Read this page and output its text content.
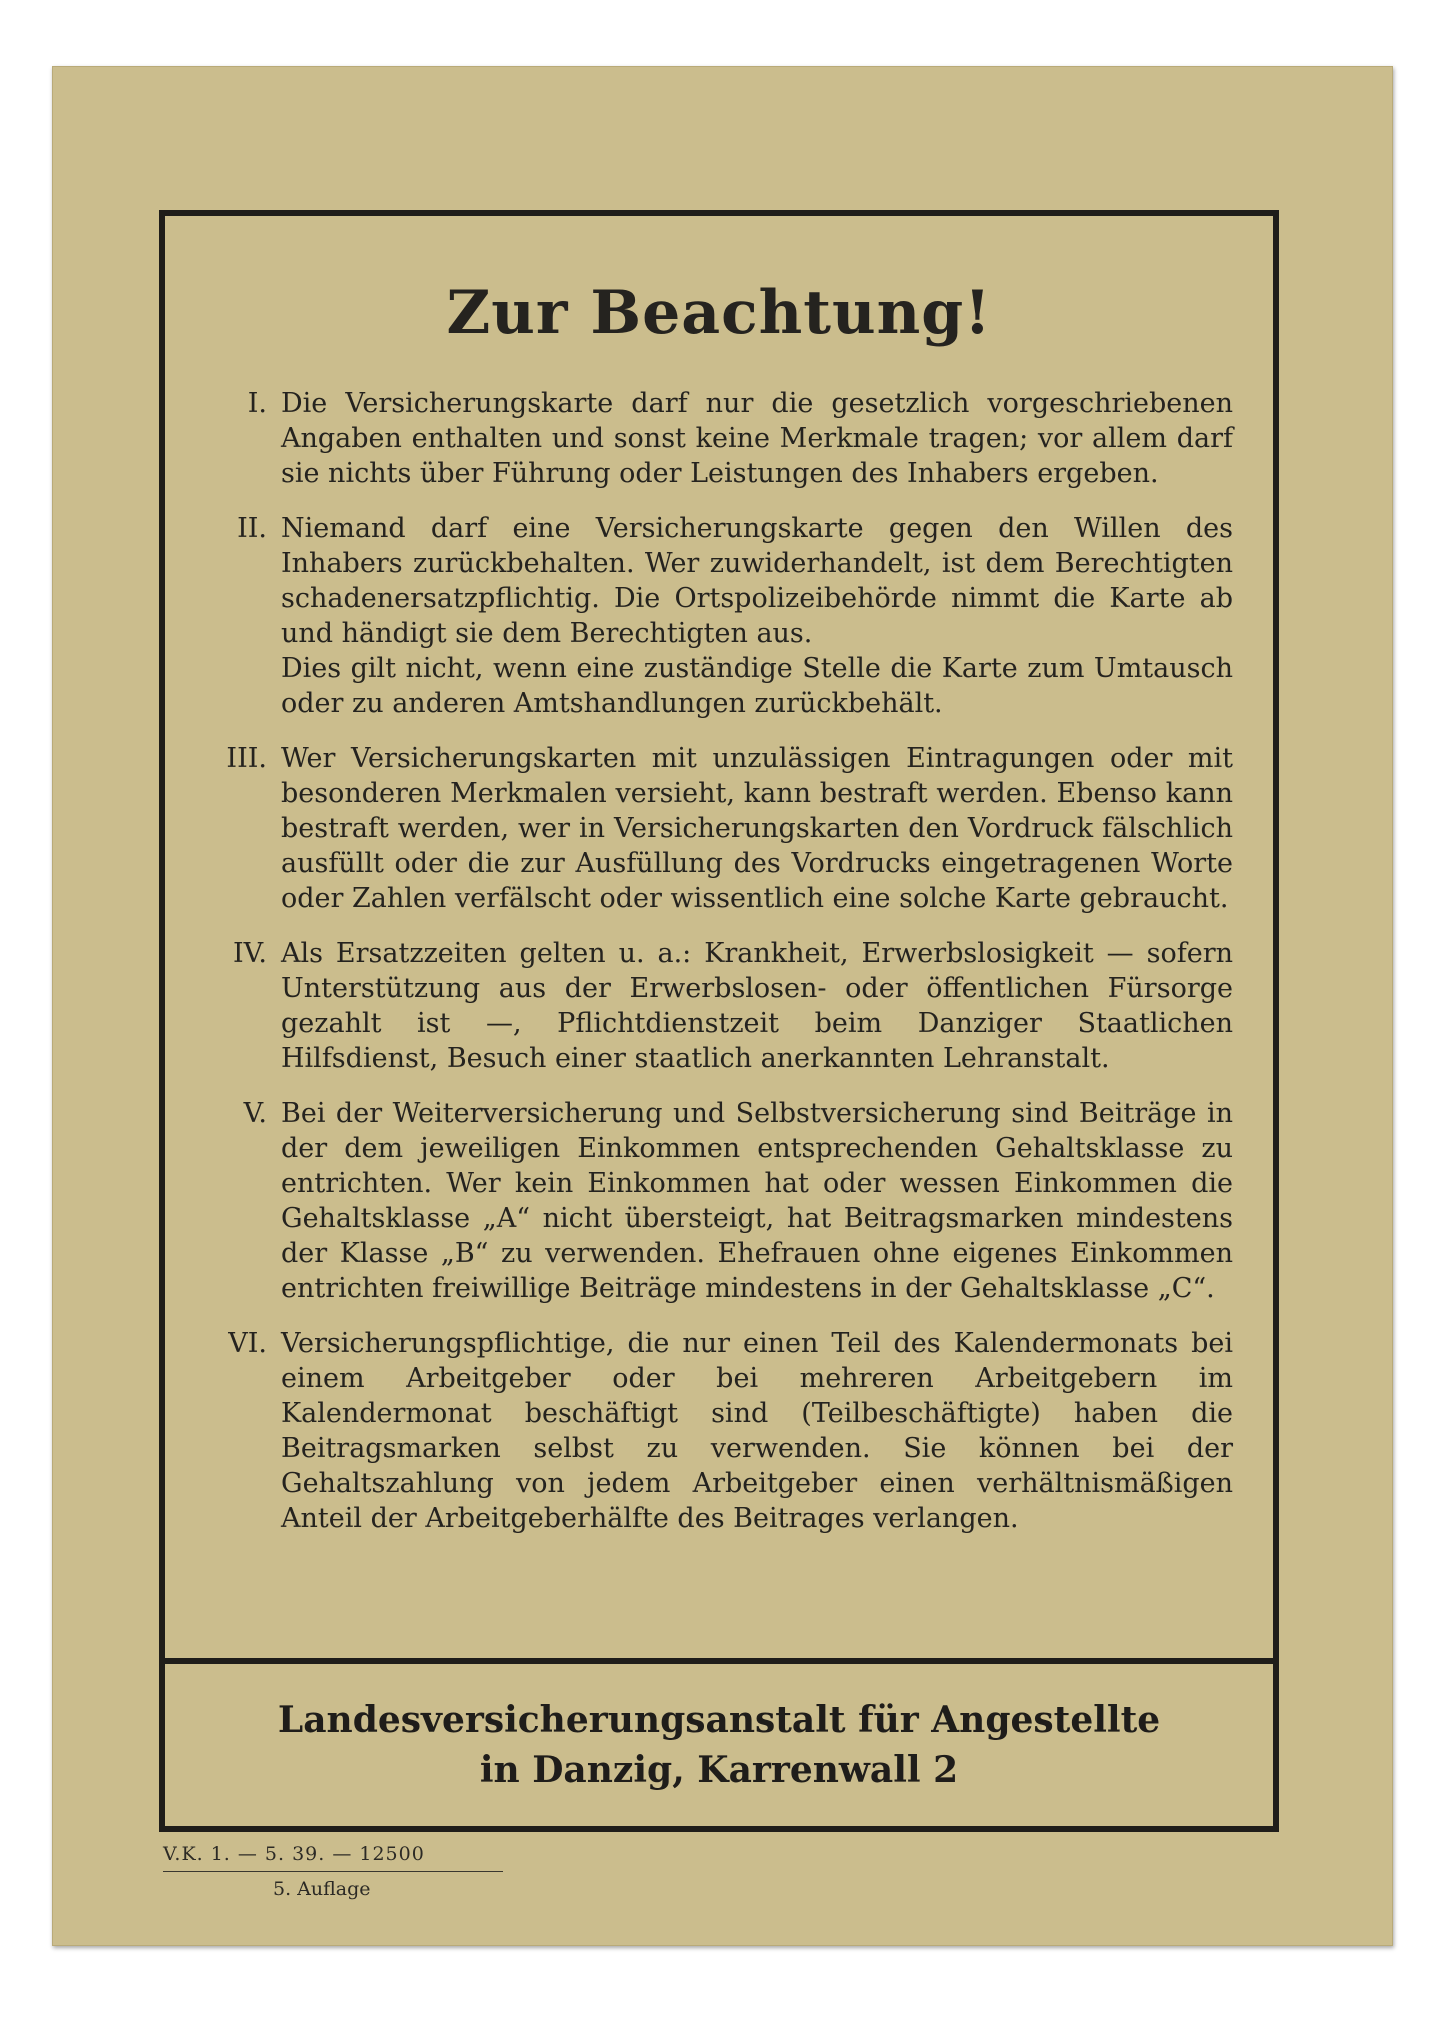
Zur Beachtung!
I. Die Versicherungskarte darf nur die gesetzlich vorgeschriebenen Angaben enthalten und sonst keine Merkmale tragen; vor allem darf sie nichts über Führung oder Leistungen des Inhabers ergeben.

II. Niemand darf eine Versicherungskarte gegen den Willen des Inhabers zurückbehalten. Wer zuwiderhandelt, ist dem Berechtigten schadenersatzpflichtig. Die Ortspolizeibehörde nimmt die Karte ab und händigt sie dem Berechtigten aus.

Dies gilt nicht, wenn eine zuständige Stelle die Karte zum Umtausch oder zu anderen Amtshandlungen zurückbehält.

III. Wer Versicherungskarten mit unzulässigen Eintragungen oder mit besonderen Merkmalen versieht, kann bestraft werden. Ebenso kann bestraft werden, wer in Versicherungskarten den Vordruck fälschlich ausfüllt oder die zur Ausfüllung des Vordrucks eingetragenen Worte oder Zahlen verfälscht oder wissentlich eine solche Karte gebraucht.

IV. Als Ersatzzeiten gelten u. a.: Krankheit, Erwerbslosigkeit — sofern Unterstützung aus der Erwerbslosen- oder öffentlichen Fürsorge gezahlt ist —, Pflichtdienstzeit beim Danziger Staatlichen Hilfsdienst, Besuch einer staatlich anerkannten Lehranstalt.

V. Bei der Weiterversicherung und Selbstversicherung sind Beiträge in der dem jeweiligen Einkommen entsprechenden Gehaltsklasse zu entrichten. Wer kein Einkommen hat oder wessen Einkommen die Gehaltsklasse „A“ nicht übersteigt, hat Beitragsmarken mindestens der Klasse „B“ zu verwenden. Ehefrauen ohne eigenes Einkommen entrichten freiwillige Beiträge mindestens in der Gehaltsklasse „C“.

VI. Versicherungspflichtige, die nur einen Teil des Kalendermonats bei einem Arbeitgeber oder bei mehreren Arbeitgebern im Kalendermonat beschäftigt sind (Teilbeschäftigte) haben die Beitragsmarken selbst zu verwenden. Sie können bei der Gehaltszahlung von jedem Arbeitgeber einen verhältnismäßigen Anteil der Arbeitgeberhälfte des Beitrages verlangen.

Landesversicherungsanstalt für Angestellte
in Danzig, Karrenwall 2
V.K. 1. — 5. 39. — 12500
5. Auflage
